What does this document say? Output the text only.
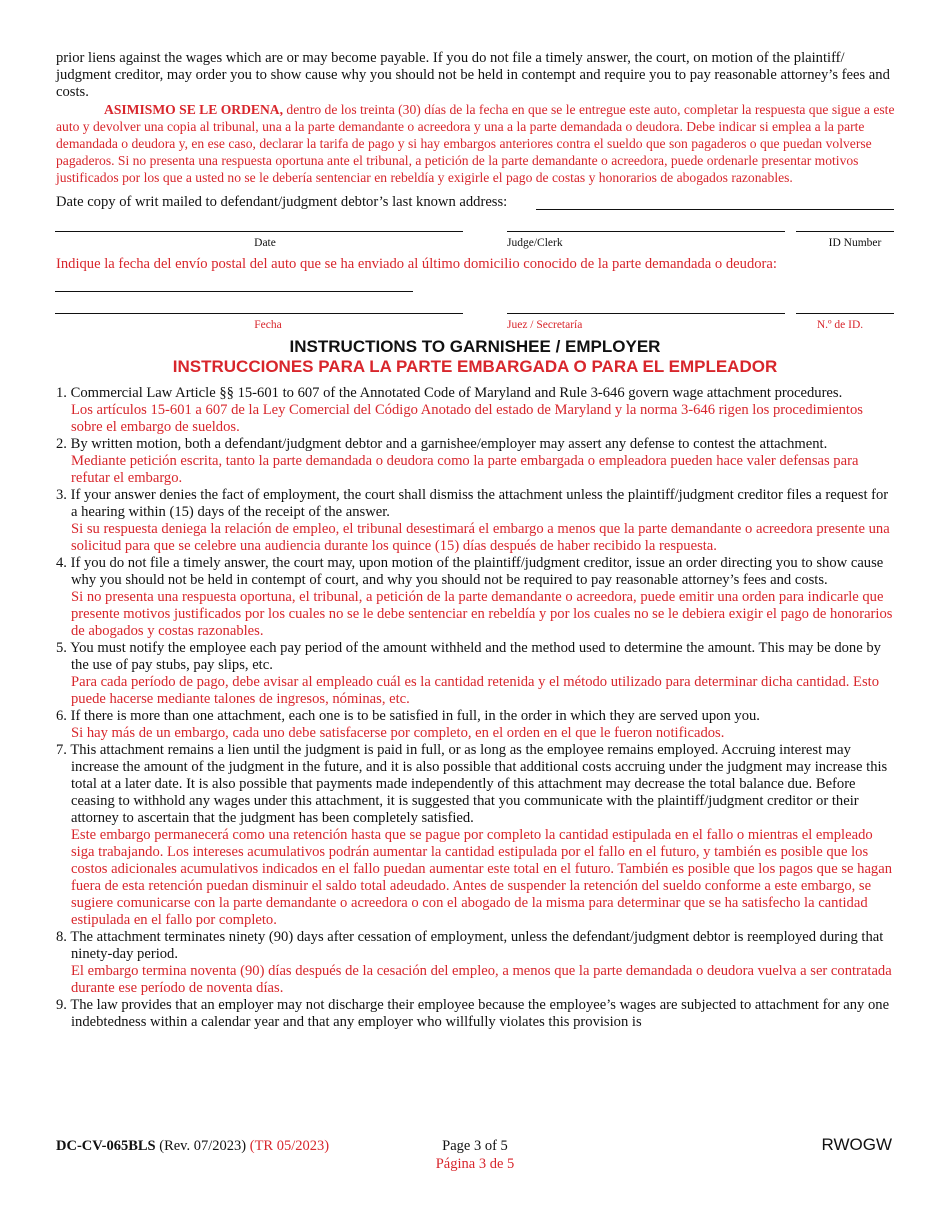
prior liens against the wages which are or may become payable. If you do not file a timely answer, the court, on motion of the plaintiff/ judgment creditor, may order you to show cause why you should not be held in contempt and require you to pay reasonable attorney’s fees and costs.
ASIMISMO SE LE ORDENA, dentro de los treinta (30) días de la fecha en que se le entregue este auto, completar la respuesta que sigue a este auto y devolver una copia al tribunal, una a la parte demandante o acreedora y una a la parte demandada o deudora. Debe indicar si emplea a la parte demandada o deudora y, en ese caso, declarar la tarifa de pago y si hay embargos anteriores contra el sueldo que son pagaderos o que puedan volverse pagaderos. Si no presenta una respuesta oportuna ante el tribunal, a petición de la parte demandante o acreedora, puede ordenarle presentar motivos justificados por los que a usted no se le debería sentenciar en rebeldía y exigirle el pago de costas y honorarios de abogados razonables.
Date copy of writ mailed to defendant/judgment debtor’s last known address:
Date	Judge/Clerk	ID Number
Indique la fecha del envío postal del auto que se ha enviado al último domicilio conocido de la parte demandada o deudora:
Fecha	Juez / Secretaría	N.º de ID.
INSTRUCTIONS TO GARNISHEE / EMPLOYER
INSTRUCCIONES PARA LA PARTE EMBARGADA O PARA EL EMPLEADOR
1. Commercial Law Article §§ 15-601 to 607 of the Annotated Code of Maryland and Rule 3-646 govern wage attachment procedures.
Los artículos 15-601 a 607 de la Ley Comercial del Código Anotado del estado de Maryland y la norma 3-646 rigen los procedimientos sobre el embargo de sueldos.
2. By written motion, both a defendant/judgment debtor and a garnishee/employer may assert any defense to contest the attachment.
Mediante petición escrita, tanto la parte demandada o deudora como la parte embargada o empleadora pueden hace valer defensas para refutar el embargo.
3. If your answer denies the fact of employment, the court shall dismiss the attachment unless the plaintiff/judgment creditor files a request for a hearing within (15) days of the receipt of the answer.
Si su respuesta deniega la relación de empleo, el tribunal desestimará el embargo a menos que la parte demandante o acreedora presente una solicitud para que se celebre una audiencia durante los quince (15) días después de haber recibido la respuesta.
4. If you do not file a timely answer, the court may, upon motion of the plaintiff/judgment creditor, issue an order directing you to show cause why you should not be held in contempt of court, and why you should not be required to pay reasonable attorney’s fees and costs.
Si no presenta una respuesta oportuna, el tribunal, a petición de la parte demandante o acreedora, puede emitir una orden para indicarle que presente motivos justificados por los cuales no se le debe sentenciar en rebeldía y por los cuales no se le debiera exigir el pago de honorarios de abogados y costas razonables.
5. You must notify the employee each pay period of the amount withheld and the method used to determine the amount. This may be done by the use of pay stubs, pay slips, etc.
Para cada período de pago, debe avisar al empleado cuál es la cantidad retenida y el método utilizado para determinar dicha cantidad. Esto puede hacerse mediante talones de ingresos, nóminas, etc.
6. If there is more than one attachment, each one is to be satisfied in full, in the order in which they are served upon you.
Si hay más de un embargo, cada uno debe satisfacerse por completo, en el orden en el que le fueron notificados.
7. This attachment remains a lien until the judgment is paid in full, or as long as the employee remains employed. Accruing interest may increase the amount of the judgment in the future, and it is also possible that additional costs accruing under the judgment may increase this total at a later date. It is also possible that payments made independently of this attachment may decrease the total balance due. Before ceasing to withhold any wages under this attachment, it is suggested that you communicate with the plaintiff/judgment creditor or their attorney to ascertain that the judgment has been completely satisfied.
Este embargo permanecerá como una retención hasta que se pague por completo la cantidad estipulada en el fallo o mientras el empleado siga trabajando. Los intereses acumulativos podrán aumentar la cantidad estipulada por el fallo en el futuro, y también es posible que los costos adicionales acumulativos indicados en el fallo puedan aumentar este total en el futuro. También es posible que los pagos que se hagan fuera de esta retención puedan disminuir el saldo total adeudado. Antes de suspender la retención del sueldo conforme a este embargo, se sugiere comunicarse con la parte demandante o acreedora o con el abogado de la misma para determinar que se ha satisfecho la cantidad estipulada en el fallo por completo.
8. The attachment terminates ninety (90) days after cessation of employment, unless the defendant/judgment debtor is reemployed during that ninety-day period.
El embargo termina noventa (90) días después de la cesación del empleo, a menos que la parte demandada o deudora vuelva a ser contratada durante ese período de noventa días.
9. The law provides that an employer may not discharge their employee because the employee’s wages are subjected to attachment for any one indebtedness within a calendar year and that any employer who willfully violates this provision is
DC-CV-065BLS (Rev. 07/2023) (TR 05/2023)	Page 3 of 5
Página 3 de 5
RWOGW
